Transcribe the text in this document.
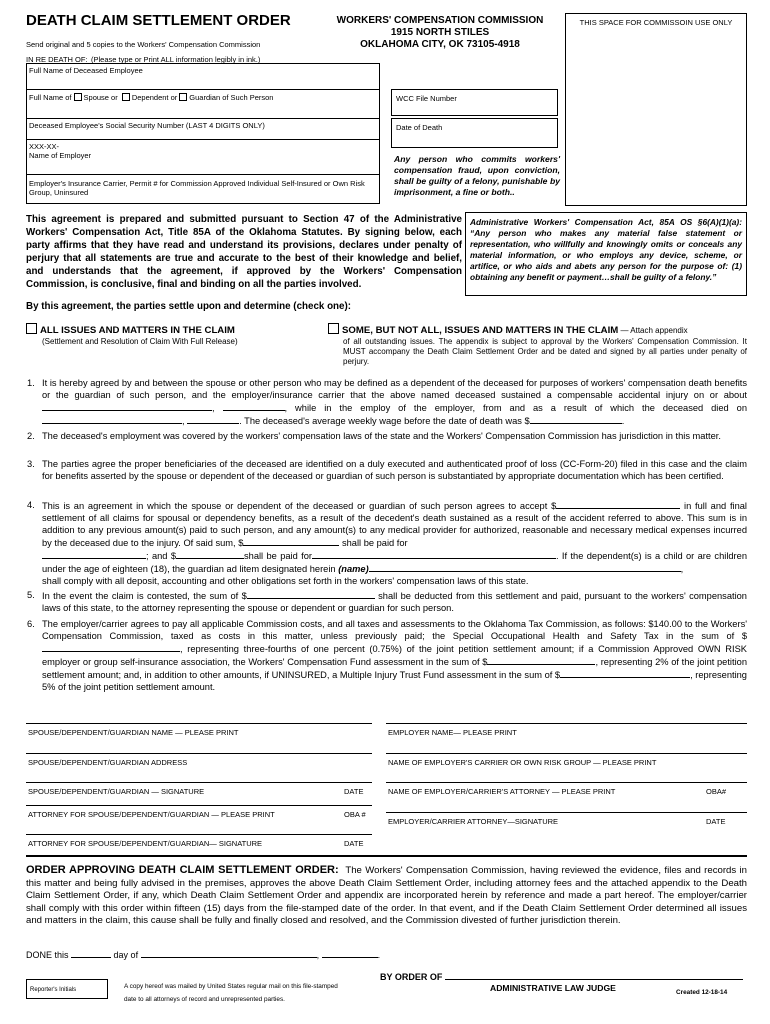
DEATH CLAIM SETTLEMENT ORDER
Send original and 5 copies to the Workers' Compensation Commission
IN RE DEATH OF: (Please type or Print ALL information legibly in ink.)
WORKERS' COMPENSATION COMMISSION
1915 NORTH STILES
OKLAHOMA CITY, OK 73105-4918
THIS SPACE FOR COMMISSOIN USE ONLY
Full Name of Deceased Employee
Full Name of Spouse or Dependent or Guardian of Such Person
Deceased Employee's Social Security Number (LAST 4 DIGITS ONLY)
XXX-XX-
Name of Employer
Employer's Insurance Carrier, Permit # for Commission Approved Individual Self-Insured or Own Risk Group, Uninsured
WCC File Number
Date of Death
Any person who commits workers' compensation fraud, upon conviction, shall be guilty of a felony, punishable by imprisonment, a fine or both..
This agreement is prepared and submitted pursuant to Section 47 of the Administrative Workers' Compensation Act, Title 85A of the Oklahoma Statutes. By signing below, each party affirms that they have read and understand its provisions, declares under penalty of perjury that all statements are true and accurate to the best of their knowledge and belief, and understands that the agreement, if approved by the Workers' Compensation Commission, is conclusive, final and binding on all the parties involved.
Administrative Workers' Compensation Act, 85A OS §6(A)(1)(a): “Any person who makes any material false statement or representation, who willfully and knowingly omits or conceals any material information, or who employs any device, scheme, or artifice, or who aids and abets any person for the purpose of: (1) obtaining any benefit or payment…shall be guilty of a felony.”
By this agreement, the parties settle upon and determine (check one):
ALL ISSUES AND MATTERS IN THE CLAIM
(Settlement and Resolution of Claim With Full Release)
SOME, BUT NOT ALL, ISSUES AND MATTERS IN THE CLAIM — Attach appendix
of all outstanding issues. The appendix is subject to approval by the Workers' Compensation Commission. It MUST accompany the Death Claim Settlement Order and be dated and signed by all parties under penalty of perjury.
1. It is hereby agreed by and between the spouse or other person who may be defined as a dependent of the deceased for purposes of workers' compensation death benefits or the guardian of such person, and the employer/insurance carrier that the above named deceased sustained a compensable accidental injury on or about ,	, while in the employ of the employer, from and as a result of which the deceased died on ,	. The deceased's average weekly wage before the date of death was $	.
2. The deceased's employment was covered by the workers' compensation laws of the state and the Workers' Compensation Commission has jurisdiction in this matter.
3. The parties agree the proper beneficiaries of the deceased are identified on a duly executed and authenticated proof of loss (CC-Form-20) filed in this case and the claim for benefits asserted by the spouse or dependent of the deceased or guardian of such person is substantiated by appropriate documentation which has been certified.
4. This is an agreement in which the spouse or dependent of the deceased or guardian of such person agrees to accept $	in full and final settlement of all claims for spousal or dependency benefits, as a result of the decedent's death sustained as a result of the accident referred to above. This sum is in addition to any previous amount(s) paid to such person, and any amount(s) to any medical provider for authorized, reasonable and necessary medical expenses incurred by the deceased due to the injury. Of said sum, $	shall be paid for
; and $	shall be paid for	. If the dependent(s) is a child or are children under the age of eighteen (18), the guardian ad litem designated herein (name)	,
shall comply with all deposit, accounting and other obligations set forth in the workers' compensation laws of this state.
5. In the event the claim is contested, the sum of $	shall be deducted from this settlement and paid, pursuant to the workers' compensation laws of this state, to the attorney representing the spouse or dependent or guardian for such person.
6. The employer/carrier agrees to pay all applicable Commission costs, and all taxes and assessments to the Oklahoma Tax Commission, as follows: $140.00 to the Workers' Compensation Commission, taxed as costs in this matter, unless previously paid; the Special Occupational Health and Safety Tax in the sum of $, representing three-fourths of one percent (0.75%) of the joint petition settlement amount; if a Commission Approved OWN RISK employer or group self-insurance association, the Workers' Compensation Fund assessment in the sum of $	, representing 2% of the joint petition settlement amount; and, in addition to other amounts, if UNINSURED, a Multiple Injury Trust Fund assessment in the sum of $	, representing 5% of the joint petition settlement amount.
SPOUSE/DEPENDENT/GUARDIAN NAME — PLEASE PRINT	EMPLOYER NAME— PLEASE PRINT
SPOUSE/DEPENDENT/GUARDIAN ADDRESS	NAME OF EMPLOYER'S CARRIER OR OWN RISK GROUP — PLEASE PRINT
SPOUSE/DEPENDENT/GUARDIAN — SIGNATURE	DATE	NAME OF EMPLOYER/CARRIER'S ATTORNEY — PLEASE PRINT	OBA#
ATTORNEY FOR SPOUSE/DEPENDENT/GUARDIAN — PLEASE PRINT	OBA #
EMPLOYER/CARRIER ATTORNEY—SIGNATURE	DATE
ATTORNEY FOR SPOUSE/DEPENDENT/GUARDIAN— SIGNATURE	DATE
ORDER APPROVING DEATH CLAIM SETTLEMENT ORDER: The Workers' Compensation Commission, having reviewed the evidence, files and records in this matter and being fully advised in the premises, approves the above Death Claim Settlement Order, including attorney fees and the attached appendix to the Death Claim Settlement Order, if any, which Death Claim Settlement Order and appendix are incorporated herein by reference and made a part hereof. The employer/carrier shall comply with this order within fifteen (15) days from the file-stamped date of the order. In that event, and if the Death Claim Settlement Order determined all issues and matters in the claim, this cause shall be fully and finally closed and resolved, and the Commission divested of further jurisdiction therein.
DONE this	day of	,	.
Reporter's Initials	A copy hereof was mailed by United States regular mail on this file-stamped
date to all attorneys of record and unrepresented parties.
BY ORDER OF
ADMINISTRATIVE LAW JUDGE	Created 12-18-14
